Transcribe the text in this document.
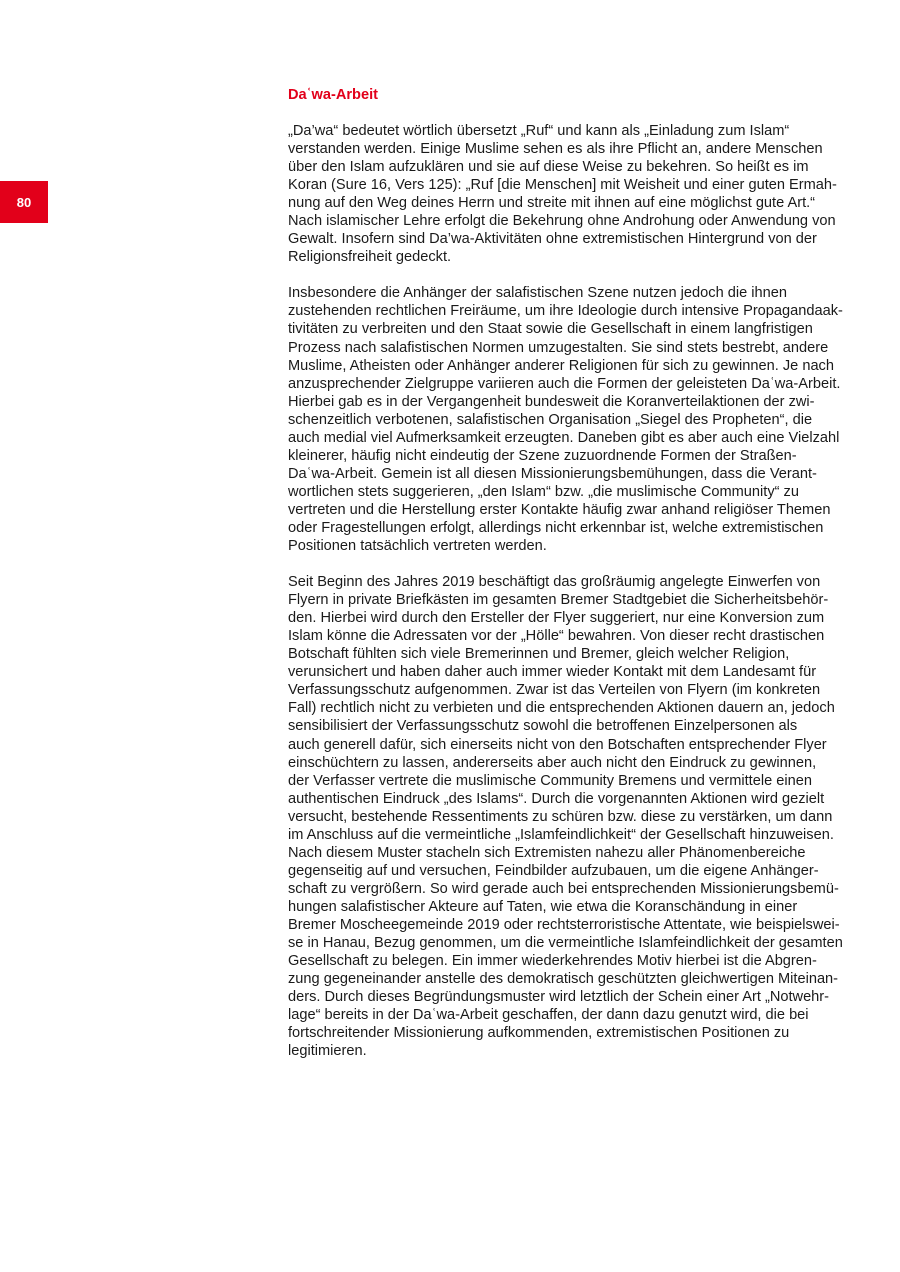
80
Daʿwa-Arbeit

„Da’wa“ bedeutet wörtlich übersetzt „Ruf“ und kann als „Einladung zum Islam“
verstanden werden. Einige Muslime sehen es als ihre Pflicht an, andere Menschen
über den Islam aufzuklären und sie auf diese Weise zu bekehren. So heißt es im
Koran (Sure 16, Vers 125): „Ruf [die Menschen] mit Weisheit und einer guten Ermah-
nung auf den Weg deines Herrn und streite mit ihnen auf eine möglichst gute Art.“
Nach islamischer Lehre erfolgt die Bekehrung ohne Androhung oder Anwendung von
Gewalt. Insofern sind Da’wa-Aktivitäten ohne extremistischen Hintergrund von der
Religionsfreiheit gedeckt.

Insbesondere die Anhänger der salafistischen Szene nutzen jedoch die ihnen
zustehenden rechtlichen Freiräume, um ihre Ideologie durch intensive Propagandaak-
tivitäten zu verbreiten und den Staat sowie die Gesellschaft in einem langfristigen
Prozess nach salafistischen Normen umzugestalten. Sie sind stets bestrebt, andere
Muslime, Atheisten oder Anhänger anderer Religionen für sich zu gewinnen. Je nach
anzusprechender Zielgruppe variieren auch die Formen der geleisteten Daʿwa-Arbeit.
Hierbei gab es in der Vergangenheit bundesweit die Koranverteilaktionen der zwi-
schenzeitlich verbotenen, salafistischen Organisation „Siegel des Propheten“, die
auch medial viel Aufmerksamkeit erzeugten. Daneben gibt es aber auch eine Vielzahl
kleinerer, häufig nicht eindeutig der Szene zuzuordnende Formen der Straßen-
Daʿwa-Arbeit. Gemein ist all diesen Missionierungsbemühungen, dass die Verant-
wortlichen stets suggerieren, „den Islam“ bzw. „die muslimische Community“ zu
vertreten und die Herstellung erster Kontakte häufig zwar anhand religiöser Themen
oder Fragestellungen erfolgt, allerdings nicht erkennbar ist, welche extremistischen
Positionen tatsächlich vertreten werden.

Seit Beginn des Jahres 2019 beschäftigt das großräumig angelegte Einwerfen von
Flyern in private Briefkästen im gesamten Bremer Stadtgebiet die Sicherheitsbehör-
den. Hierbei wird durch den Ersteller der Flyer suggeriert, nur eine Konversion zum
Islam könne die Adressaten vor der „Hölle“ bewahren. Von dieser recht drastischen
Botschaft fühlten sich viele Bremerinnen und Bremer, gleich welcher Religion,
verunsichert und haben daher auch immer wieder Kontakt mit dem Landesamt für
Verfassungsschutz aufgenommen. Zwar ist das Verteilen von Flyern (im konkreten
Fall) rechtlich nicht zu verbieten und die entsprechenden Aktionen dauern an, jedoch
sensibilisiert der Verfassungsschutz sowohl die betroffenen Einzelpersonen als
auch generell dafür, sich einerseits nicht von den Botschaften entsprechender Flyer
einschüchtern zu lassen, andererseits aber auch nicht den Eindruck zu gewinnen,
der Verfasser vertrete die muslimische Community Bremens und vermittele einen
authentischen Eindruck „des Islams“. Durch die vorgenannten Aktionen wird gezielt
versucht, bestehende Ressentiments zu schüren bzw. diese zu verstärken, um dann
im Anschluss auf die vermeintliche „Islamfeindlichkeit“ der Gesellschaft hinzuweisen.
Nach diesem Muster stacheln sich Extremisten nahezu aller Phänomenbereiche
gegenseitig auf und versuchen, Feindbilder aufzubauen, um die eigene Anhänger-
schaft zu vergrößern. So wird gerade auch bei entsprechenden Missionierungsbemü-
hungen salafistischer Akteure auf Taten, wie etwa die Koranschändung in einer
Bremer Moscheegemeinde 2019 oder rechtsterroristische Attentate, wie beispielswei-
se in Hanau, Bezug genommen, um die vermeintliche Islamfeindlichkeit der gesamten
Gesellschaft zu belegen. Ein immer wiederkehrendes Motiv hierbei ist die Abgren-
zung gegeneinander anstelle des demokratisch geschützten gleichwertigen Miteinan-
ders. Durch dieses Begründungsmuster wird letztlich der Schein einer Art „Notwehr-
lage“ bereits in der Daʿwa-Arbeit geschaffen, der dann dazu genutzt wird, die bei
fortschreitender Missionierung aufkommenden, extremistischen Positionen zu
legitimieren.
